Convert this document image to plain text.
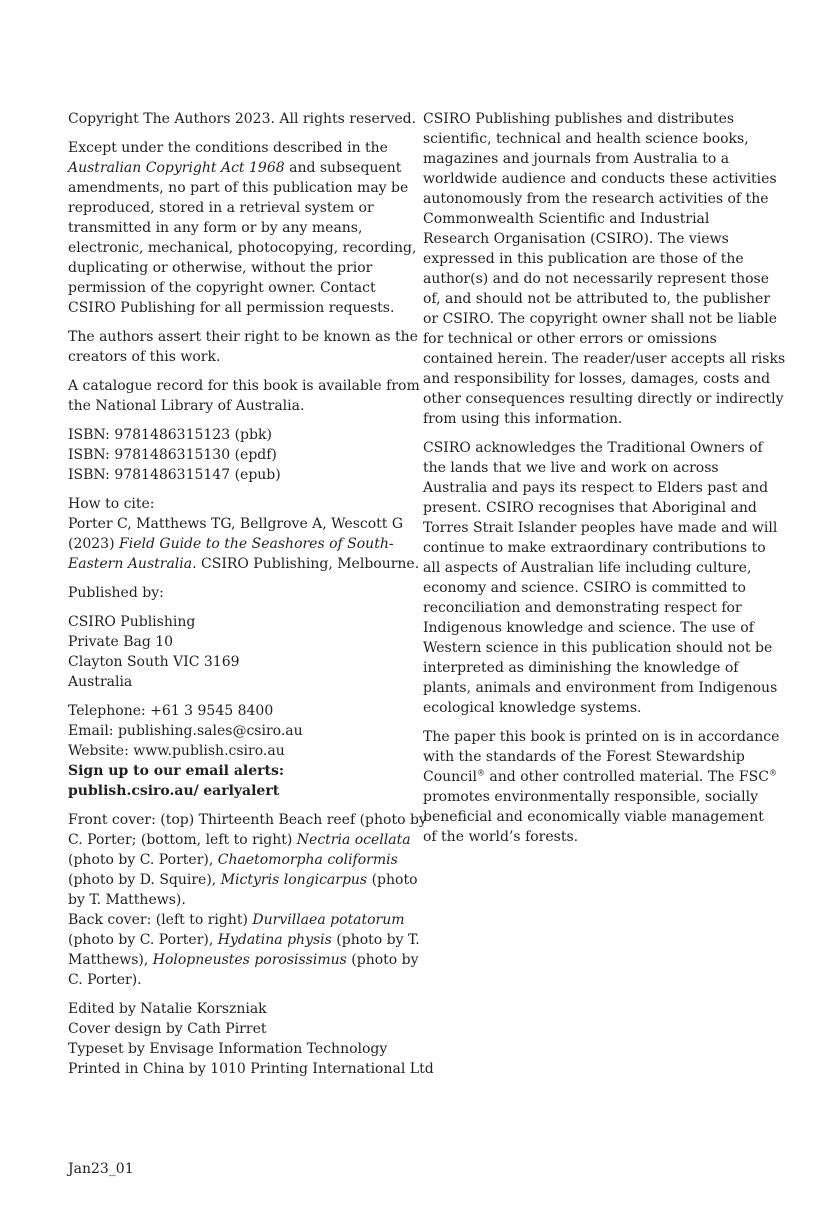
Copyright The Authors 2023. All rights reserved.

Except under the conditions described in the
Australian Copyright Act 1968 and subsequent
amendments, no part of this publication may be
reproduced, stored in a retrieval system or
transmitted in any form or by any means,
electronic, mechanical, photocopying, recording,
duplicating or otherwise, without the prior
permission of the copyright owner. Contact
CSIRO Publishing for all permission requests.

The authors assert their right to be known as the
creators of this work.

A catalogue record for this book is available from
the National Library of Australia.

ISBN: 9781486315123 (pbk)
ISBN: 9781486315130 (epdf)
ISBN: 9781486315147 (epub)

How to cite:
Porter C, Matthews TG, Bellgrove A, Wescott G
(2023) Field Guide to the Seashores of South-
Eastern Australia. CSIRO Publishing, Melbourne.

Published by:

CSIRO Publishing
Private Bag 10
Clayton South VIC 3169
Australia

Telephone: +61 3 9545 8400
Email: publishing.sales@csiro.au
Website: www.publish.csiro.au
Sign up to our email alerts: publish.csiro.au/ earlyalert

Front cover: (top) Thirteenth Beach reef (photo by
C. Porter; (bottom, left to right) Nectria ocellata
(photo by C. Porter), Chaetomorpha coliformis
(photo by D. Squire), Mictyris longicarpus (photo
by T. Matthews).
Back cover: (left to right) Durvillaea potatorum
(photo by C. Porter), Hydatina physis (photo by T.
Matthews), Holopneustes porosissimus (photo by
C. Porter).

Edited by Natalie Korszniak
Cover design by Cath Pirret
Typeset by Envisage Information Technology
Printed in China by 1010 Printing International Ltd

CSIRO Publishing publishes and distributes
scientific, technical and health science books,
magazines and journals from Australia to a
worldwide audience and conducts these activities
autonomously from the research activities of the
Commonwealth Scientific and Industrial
Research Organisation (CSIRO). The views
expressed in this publication are those of the
author(s) and do not necessarily represent those
of, and should not be attributed to, the publisher
or CSIRO. The copyright owner shall not be liable
for technical or other errors or omissions
contained herein. The reader/user accepts all risks
and responsibility for losses, damages, costs and
other consequences resulting directly or indirectly
from using this information.

CSIRO acknowledges the Traditional Owners of
the lands that we live and work on across
Australia and pays its respect to Elders past and
present. CSIRO recognises that Aboriginal and
Torres Strait Islander peoples have made and will
continue to make extraordinary contributions to
all aspects of Australian life including culture,
economy and science. CSIRO is committed to
reconciliation and demonstrating respect for
Indigenous knowledge and science. The use of
Western science in this publication should not be
interpreted as diminishing the knowledge of
plants, animals and environment from Indigenous
ecological knowledge systems.

The paper this book is printed on is in accordance
with the standards of the Forest Stewardship
Council® and other controlled material. The FSC®
promotes environmentally responsible, socially
beneficial and economically viable management
of the world’s forests.

Jan23_01
